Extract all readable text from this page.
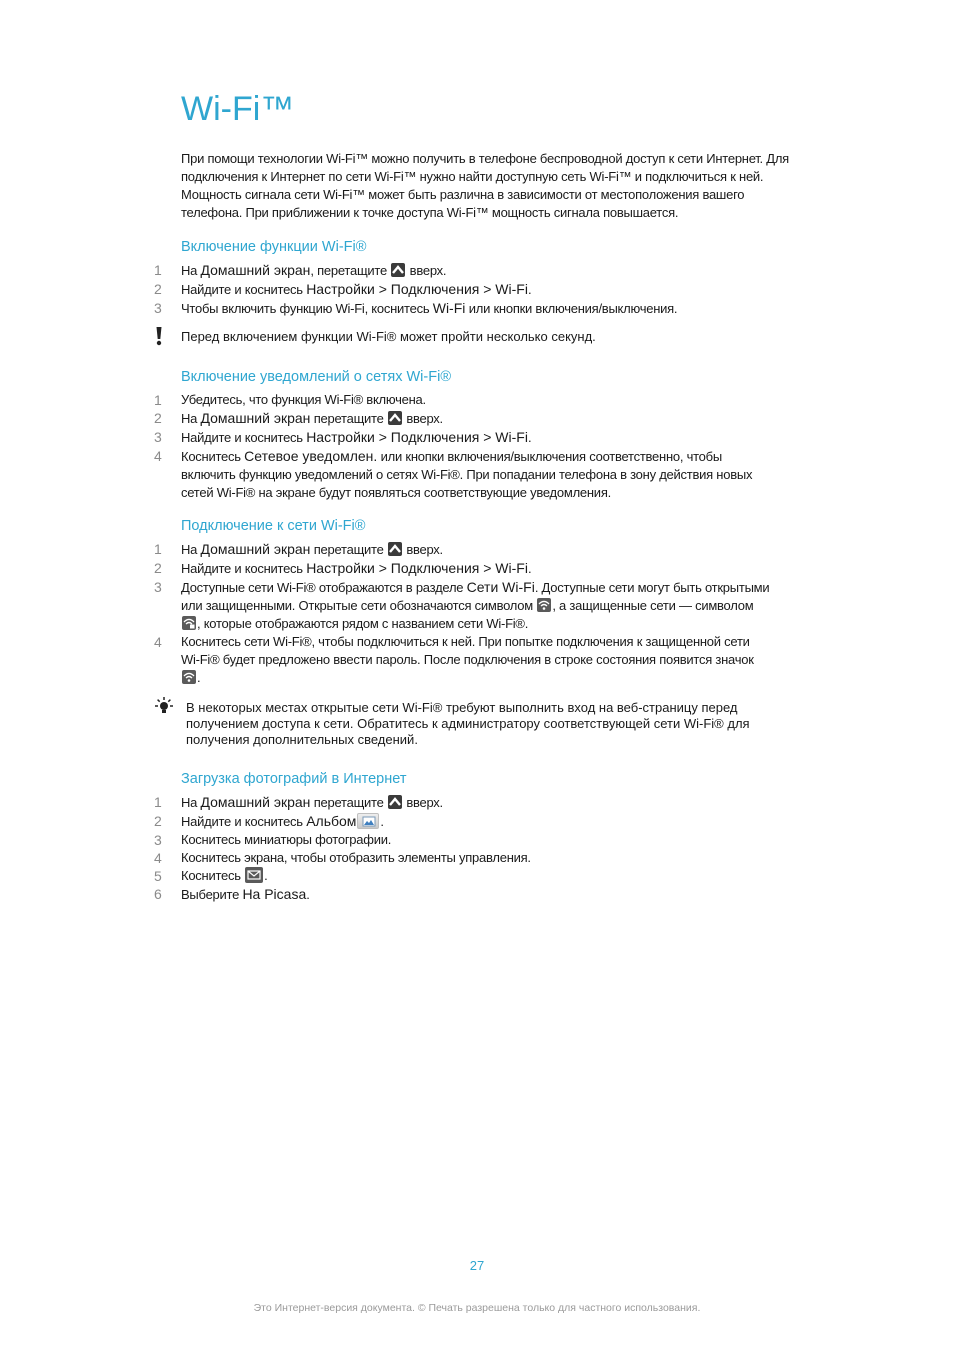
Wi-Fi™

При помощи технологии Wi-Fi™ можно получить в телефоне беспроводной доступ к сети Интернет. Для подключения к Интернет по сети Wi-Fi™ нужно найти доступную сеть Wi-Fi™ и подключиться к ней. Мощность сигнала сети Wi-Fi™ может быть различна в зависимости от местоположения вашего телефона. При приближении к точке доступа Wi-Fi™ мощность сигнала повышается.

Включение функции Wi-Fi®
1	На Домашний экран, перетащите
вверх.
2	Найдите и коснитесь Настройки > Подключения > Wi-Fi.
3	Чтобы включить функцию Wi-Fi, коснитесь Wi-Fi или кнопки включения/выключения.
Перед включением функции Wi-Fi® может пройти несколько секунд.
Включение уведомлений о сетях Wi-Fi®
1	Убедитесь, что функция Wi-Fi® включена.
2	На Домашний экран перетащите
вверх.
3	Найдите и коснитесь Настройки > Подключения > Wi-Fi.
4	Коснитесь Сетевое уведомлен. или кнопки включения/выключения соответственно, чтобы включить функцию уведомлений о сетях Wi-Fi®. При попадании телефона в зону действия новых сетей Wi-Fi® на экране будут появляться соответствующие уведомления.
Подключение к сети Wi-Fi®
1	На Домашний экран перетащите
вверх.
2	Найдите и коснитесь Настройки > Подключения > Wi-Fi.
3	Доступные сети Wi-Fi® отображаются в разделе Сети Wi-Fi. Доступные сети могут быть открытыми или защищенными. Открытые сети обозначаются символом
, а защищенные сети — символом
, которые отображаются рядом с названием сети Wi-Fi®.
4	Коснитесь сети Wi-Fi®, чтобы подключиться к ней. При попытке подключения к защищенной сети Wi-Fi® будет предложено ввести пароль. После подключения в строке состояния появится значок
.
В некоторых местах открытые сети Wi-Fi® требуют выполнить вход на веб-страницу перед получением доступа к сети. Обратитесь к администратору соответствующей сети Wi-Fi® для получения дополнительных сведений.
Загрузка фотографий в Интернет
1	На Домашний экран перетащите
вверх.
2	Найдите и коснитесь Альбом .
3	Коснитесь миниатюры фотографии.
4	Коснитесь экрана, чтобы отобразить элементы управления.
5	Коснитесь
.
6	Выберите На Picasa.
27
Это Интернет-версия документа. © Печать разрешена только для частного использования.
